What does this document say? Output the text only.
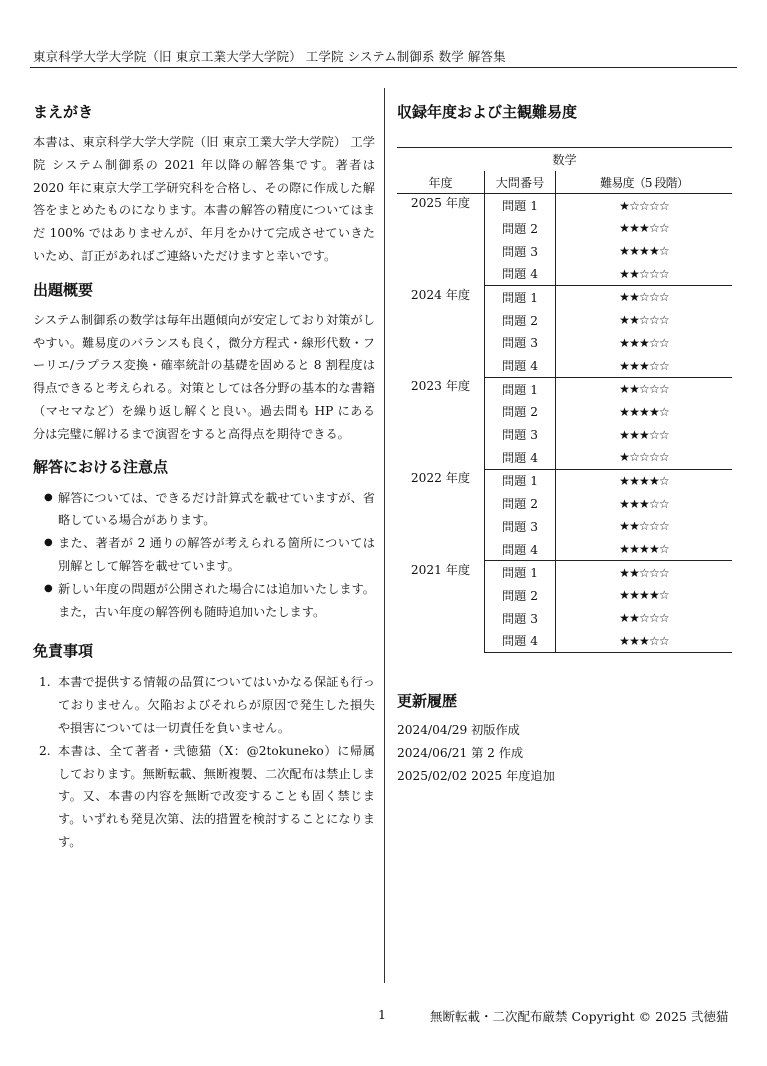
東京科学大学大学院（旧 東京工業大学大学院） 工学院 システム制御系 数学 解答集
まえがき

本書は、東京科学大学大学院（旧 東京工業大学大学院） 工学院 システム制御系の 2021 年以降の解答集です。著者は 2020 年に東京大学工学研究科を合格し、その際に作成した解答をまとめたものになります。本書の解答の精度についてはまだ 100% ではありませんが、年月をかけて完成させていきたいため、訂正があればご連絡いただけますと幸いです。

出題概要

システム制御系の数学は毎年出題傾向が安定しており対策がしやすい。難易度のバランスも良く，微分方程式・線形代数・フーリエ/ラプラス変換・確率統計の基礎を固めると 8 割程度は得点できると考えられる。対策としては各分野の基本的な書籍（マセマなど）を繰り返し解くと良い。過去問も HP にある分は完璧に解けるまで演習をすると高得点を期待できる。

解答における注意点
● 解答については、できるだけ計算式を載せていますが、省略している場合があります。
● また、著者が 2 通りの解答が考えられる箇所については別解として解答を載せています。
● 新しい年度の問題が公開された場合には追加いたします。また，古い年度の解答例も随時追加いたします。
免責事項
1. 本書で提供する情報の品質についてはいかなる保証も行っておりません。欠陥およびそれらが原因で発生した損失や損害については一切責任を負いません。
2. 本書は、全て著者・弐徳猫（X：@2tokuneko）に帰属しております。無断転載、無断複製、二次配布は禁止します。又、本書の内容を無断で改変することも固く禁じます。いずれも発見次第、法的措置を検討することになります。
収録年度および主観難易度
数学		
年度	大問番号	難易度（5 段階）
2025 年度	問題 1	★☆☆☆☆
	問題 2	★★★☆☆
	問題 3	★★★★☆
	問題 4	★★☆☆☆
2024 年度	問題 1	★★☆☆☆
	問題 2	★★☆☆☆
	問題 3	★★★☆☆
	問題 4	★★★☆☆
2023 年度	問題 1	★★☆☆☆
	問題 2	★★★★☆
	問題 3	★★★☆☆
	問題 4	★☆☆☆☆
2022 年度	問題 1	★★★★☆
	問題 2	★★★☆☆
	問題 3	★★☆☆☆
	問題 4	★★★★☆
2021 年度	問題 1	★★☆☆☆
	問題 2	★★★★☆
	問題 3	★★☆☆☆
	問題 4	★★★☆☆
更新履歴
2024/04/29 初版作成
2024/06/21 第 2 作成
2025/02/02 2025 年度追加
1	無断転載・二次配布厳禁 Copyright © 2025 弐徳猫
